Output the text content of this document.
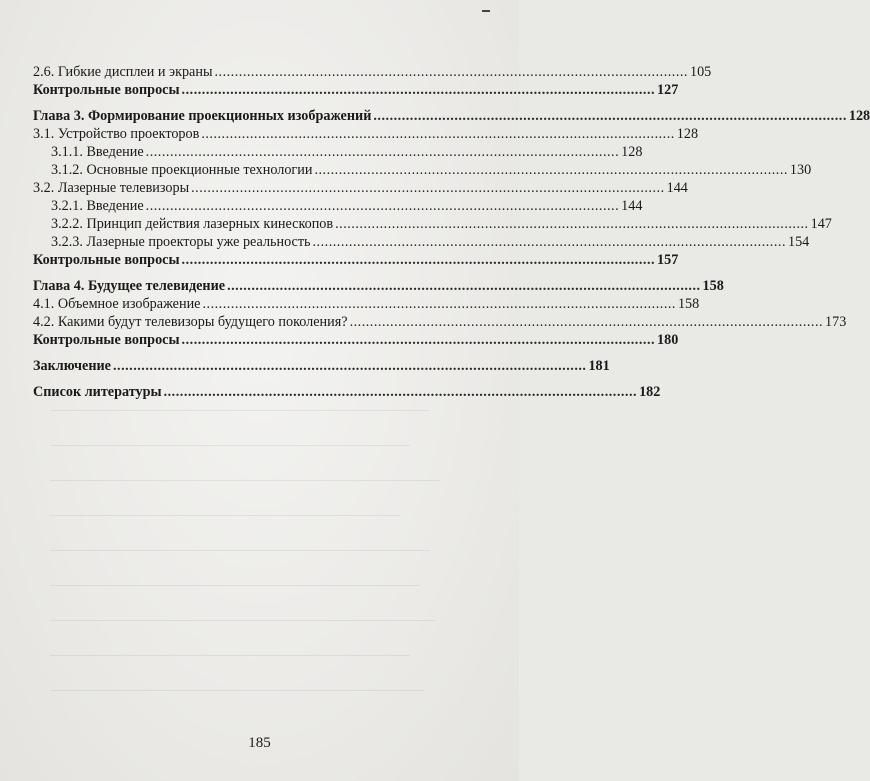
2.6. Гибкие дисплеи и экраны ..................................................................................................................... 105
Контрольные вопросы ..................................................................................................................... 127
Глава 3. Формирование проекционных изображений ..................................................................................................................... 128
3.1. Устройство проекторов ..................................................................................................................... 128
3.1.1. Введение ..................................................................................................................... 128
3.1.2. Основные проекционные технологии ..................................................................................................................... 130
3.2. Лазерные телевизоры ..................................................................................................................... 144
3.2.1. Введение ..................................................................................................................... 144
3.2.2. Принцип действия лазерных кинескопов ..................................................................................................................... 147
3.2.3. Лазерные проекторы уже реальность ..................................................................................................................... 154
Контрольные вопросы ..................................................................................................................... 157
Глава 4. Будущее телевидение ..................................................................................................................... 158
4.1. Объемное изображение ..................................................................................................................... 158
4.2. Какими будут телевизоры будущего поколения? ..................................................................................................................... 173
Контрольные вопросы ..................................................................................................................... 180
Заключение ..................................................................................................................... 181
Список литературы ..................................................................................................................... 182
185
